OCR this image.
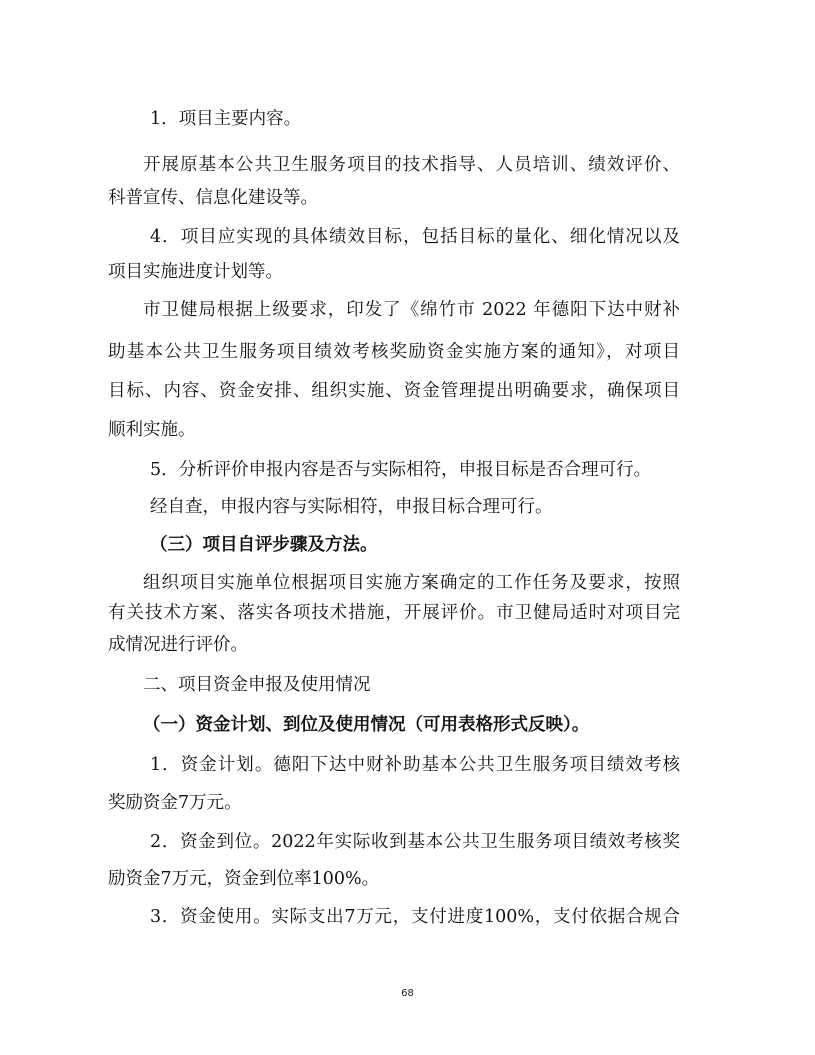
1．项目主要内容。
开展原基本公共卫生服务项目的技术指导、人员培训、绩效评价、
科普宣传、信息化建设等。
4．项目应实现的具体绩效目标，包括目标的量化、细化情况以及
项目实施进度计划等。
市卫健局根据上级要求，印发了《绵竹市 2022 年德阳下达中财补
助基本公共卫生服务项目绩效考核奖励资金实施方案的通知》，对项目
目标、内容、资金安排、组织实施、资金管理提出明确要求，确保项目
顺利实施。
5．分析评价申报内容是否与实际相符，申报目标是否合理可行。
经自查，申报内容与实际相符，申报目标合理可行。
（三）项目自评步骤及方法。
组织项目实施单位根据项目实施方案确定的工作任务及要求，按照
有关技术方案、落实各项技术措施，开展评价。市卫健局适时对项目完
成情况进行评价。
二、项目资金申报及使用情况
（一）资金计划、到位及使用情况（可用表格形式反映）。
1．资金计划。德阳下达中财补助基本公共卫生服务项目绩效考核
奖励资金7万元。
2．资金到位。2022年实际收到基本公共卫生服务项目绩效考核奖
励资金7万元，资金到位率100%。
3．资金使用。实际支出7万元，支付进度100%，支付依据合规合
68
